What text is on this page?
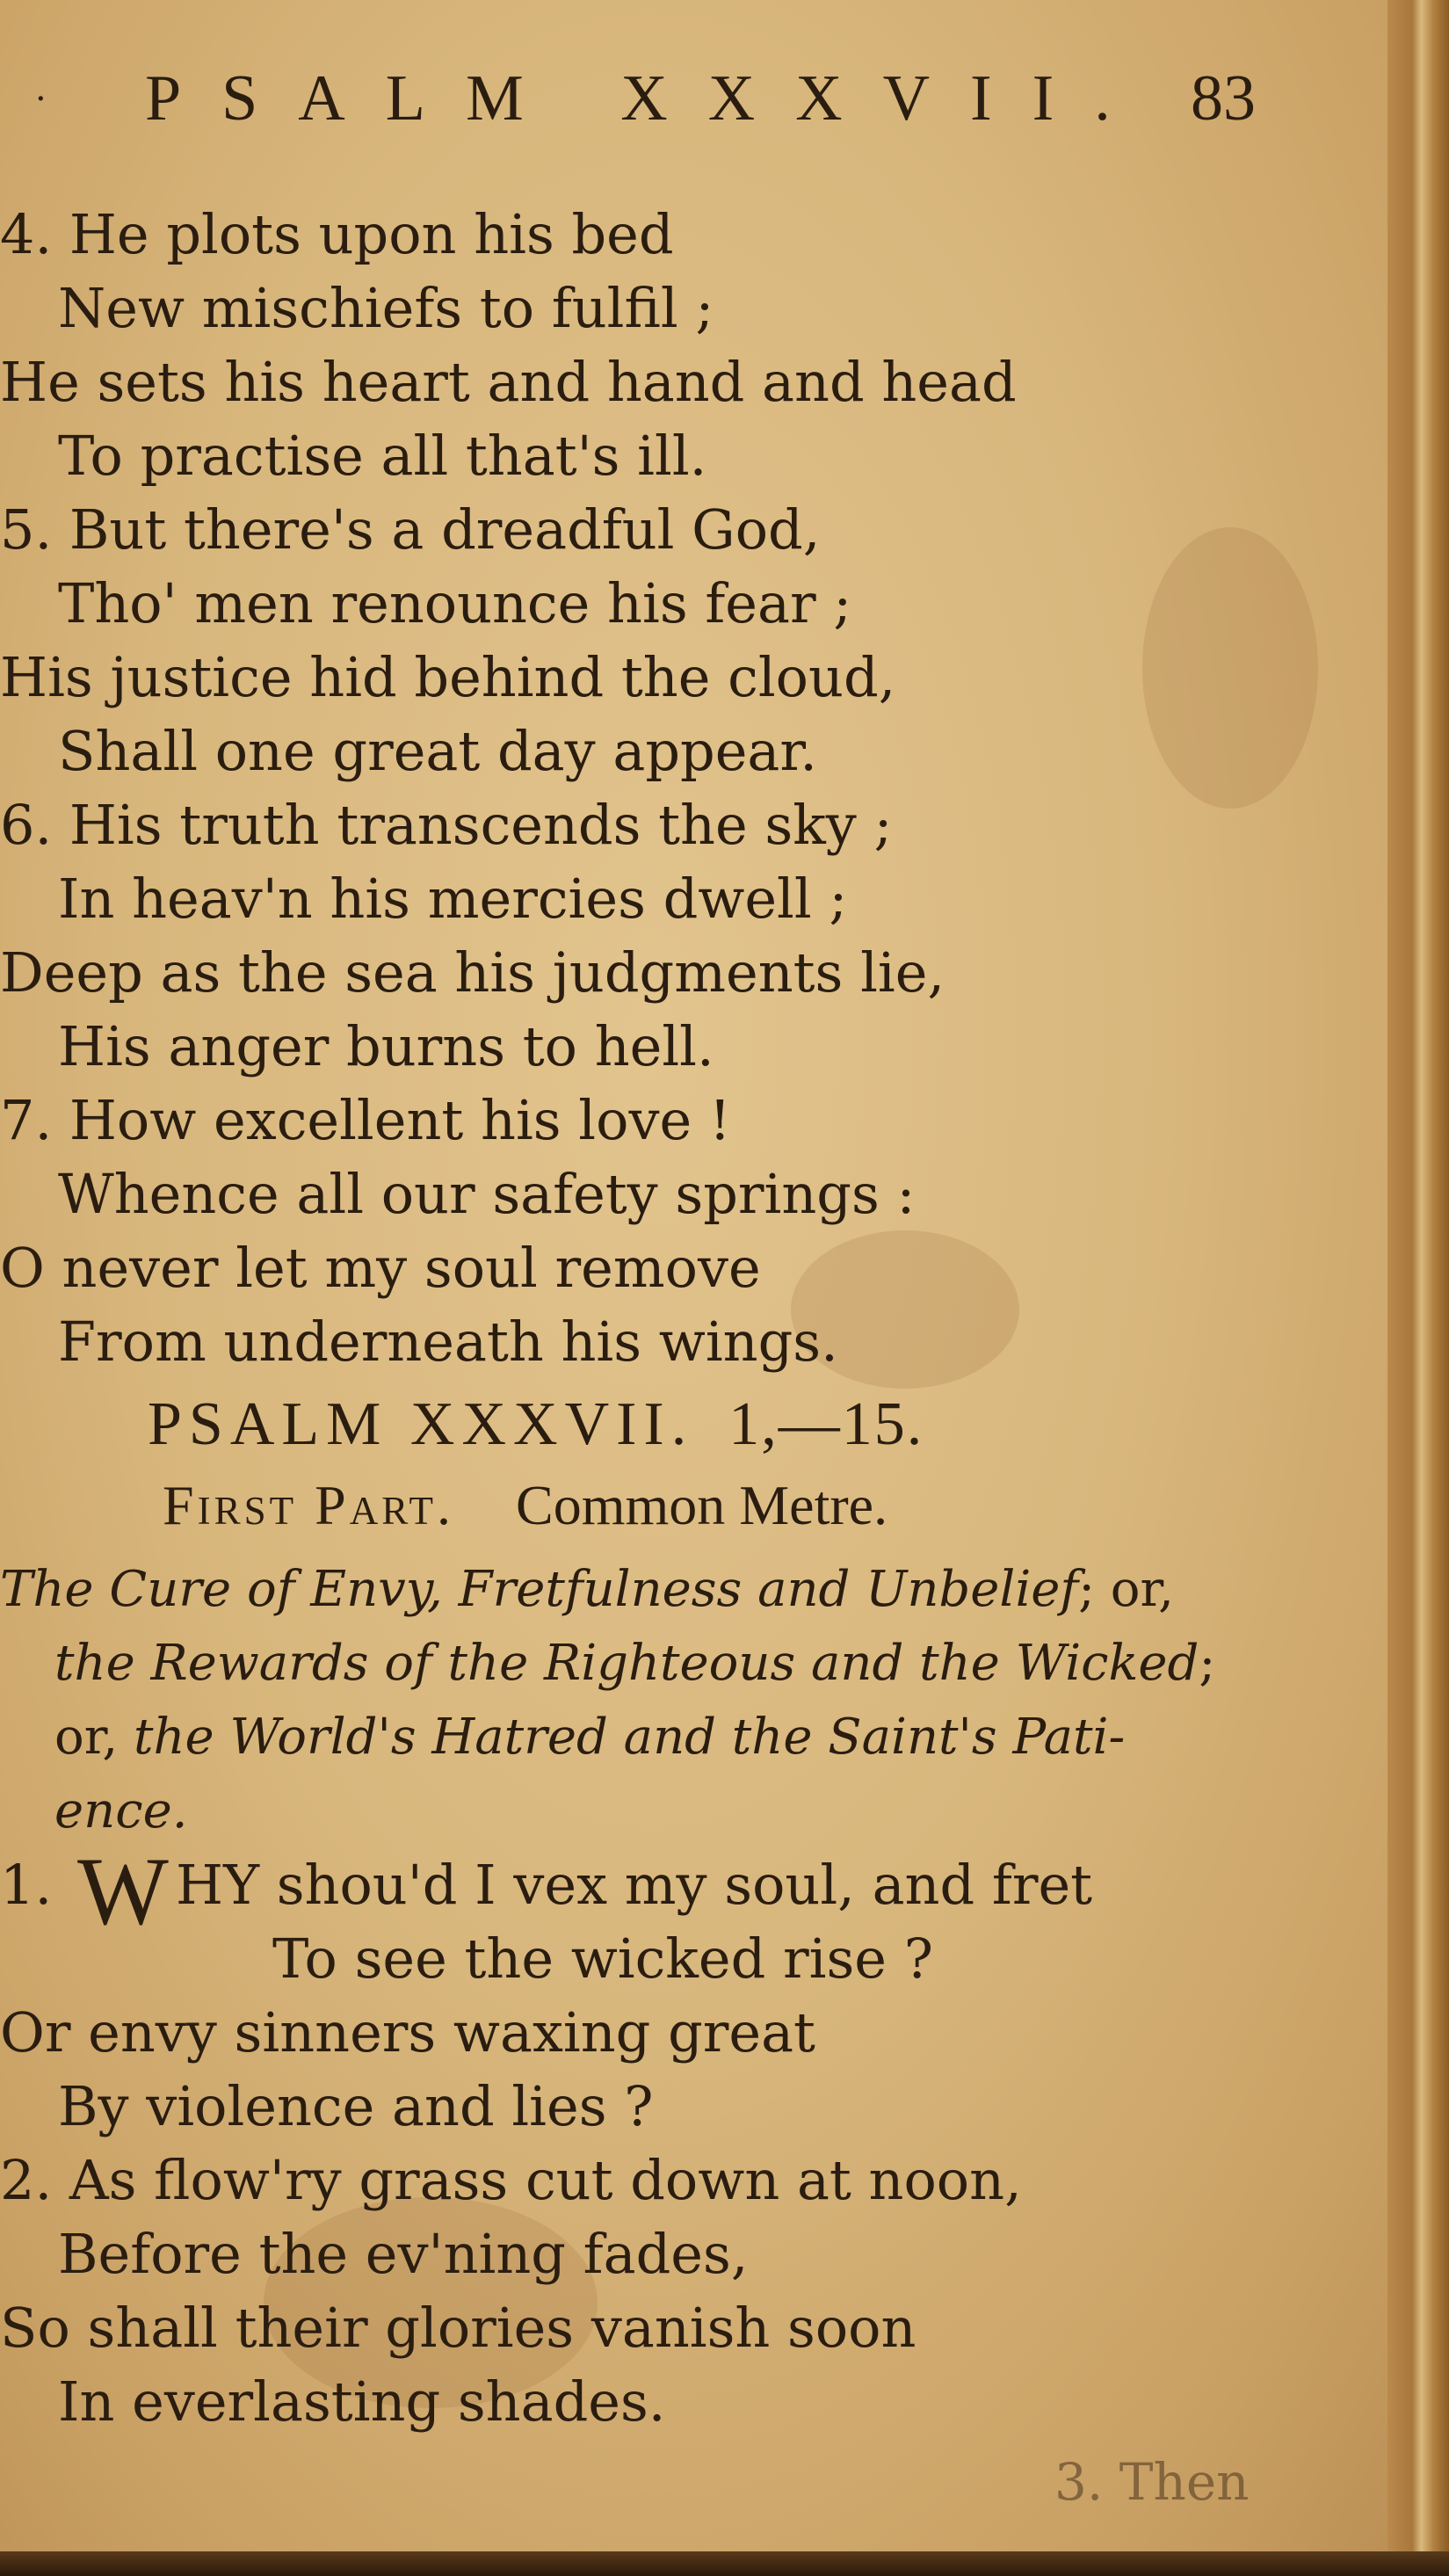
· PSALM XXXVII. 83
4. He plots upon his bed
New mischiefs to fulfil ;
He sets his heart and hand and head
To practise all that's ill.
5. But there's a dreadful God,
Tho' men renounce his fear ;
His justice hid behind the cloud,
Shall one great day appear.
6. His truth transcends the sky ;
In heav'n his mercies dwell ;
Deep as the sea his judgments lie,
His anger burns to hell.
7. How excellent his love !
Whence all our safety springs :
O never let my soul remove
From underneath his wings.
PSALM XXXVII. 1,—15.
First Part. Common Metre.
The Cure of Envy, Fretfulness and Unbelief; or,
the Rewards of the Righteous and the Wicked;
or, the World's Hatred and the Saint's Pati-
ence.
1. W HY shou'd I vex my soul, and fret
To see the wicked rise ?
Or envy sinners waxing great
By violence and lies ?
2. As flow'ry grass cut down at noon,
Before the ev'ning fades,
So shall their glories vanish soon
In everlasting shades.
3. Then
